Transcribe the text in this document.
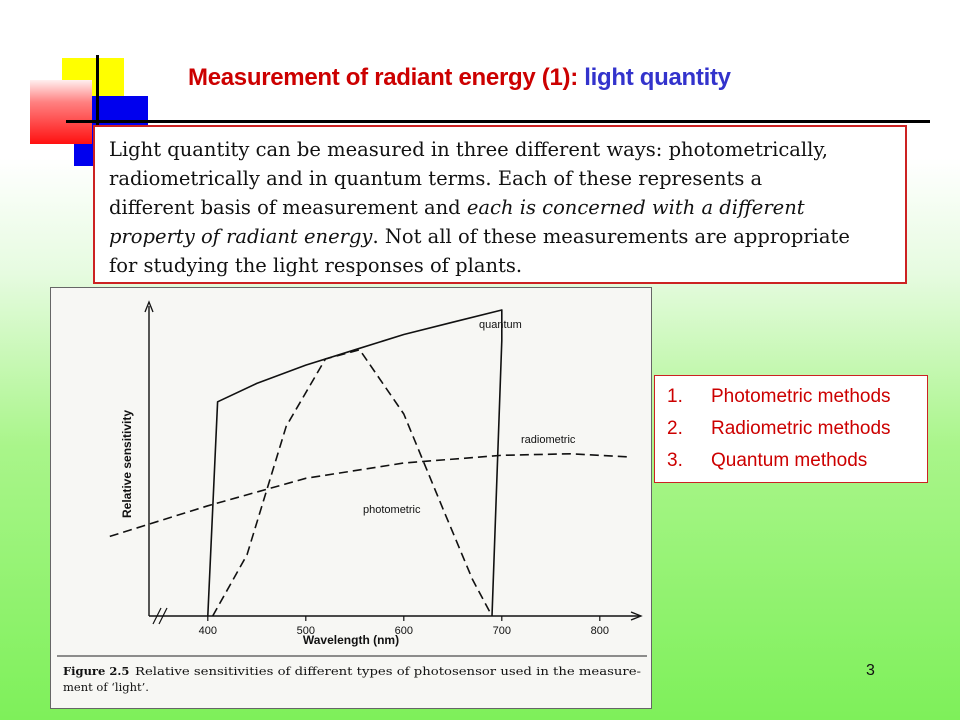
Measurement of radiant energy (1): light quantity
Light quantity can be measured in three different ways: photometrically,
radiometrically and in quantum terms. Each of these represents a
different basis of measurement and each is concerned with a different
property of radiant energy. Not all of these measurements are appropriate
for studying the light responses of plants.
400	500	600	700	800
quantum
radiometric
photometric
Relative sensitivity
Wavelength (nm)
Figure 2.5 Relative sensitivities of different types of photosensor used in the measure-
ment of ‘light’.
1. Photometric methods
2. Radiometric methods
3. Quantum methods
3
